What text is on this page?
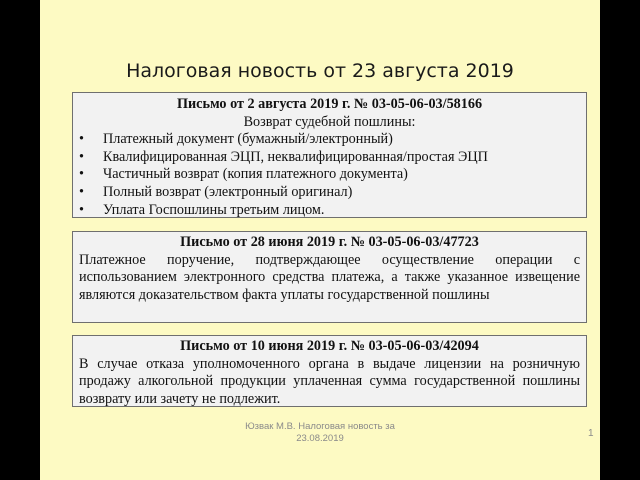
Налоговая новость от 23 августа 2019
Письмо от 2 августа 2019 г. № 03-05-06-03/58166
Возврат судебной пошлины:
• Платежный документ (бумажный/электронный)
• Квалифицированная ЭЦП, неквалифицированная/простая ЭЦП
• Частичный возврат (копия платежного документа)
• Полный возврат (электронный оригинал)
• Уплата Госпошлины третьим лицом.
Письмо от 28 июня 2019 г. № 03-05-06-03/47723
Платежное поручение, подтверждающее осуществление операции с использованием электронного средства платежа, а также указанное извещение являются доказательством факта уплаты государственной пошлины
Письмо от 10 июня 2019 г. № 03-05-06-03/42094
В случае отказа уполномоченного органа в выдаче лицензии на розничную продажу алкогольной продукции уплаченная сумма государственной пошлины возврату или зачету не подлежит.
Юзвак М.В. Налоговая новость за
23.08.2019	1
